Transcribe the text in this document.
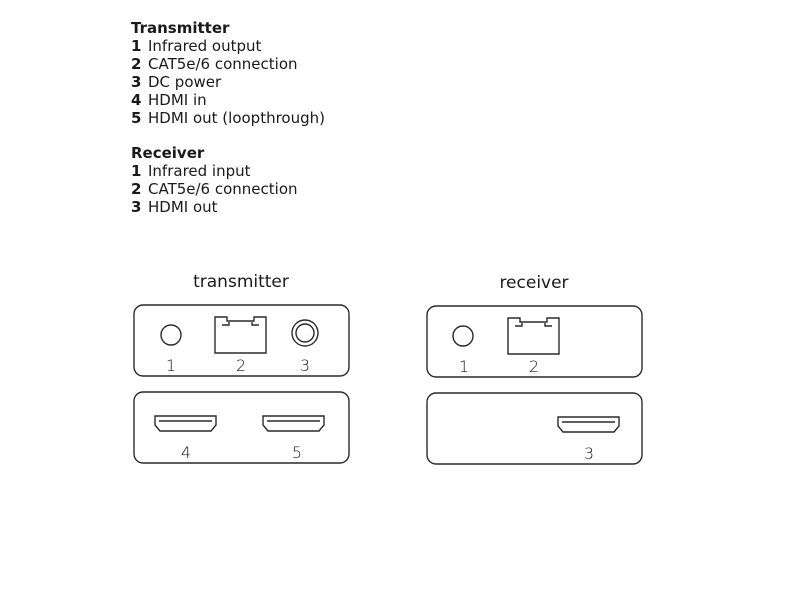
Transmitter
1 Infrared output
2 CAT5e/6 connection
3 DC power
4 HDMI in
5 HDMI out (loopthrough)
Receiver
1 Infrared input
2 CAT5e/6 connection
3 HDMI out
transmitter	receiver
1	2	3
4	5
1	2
3
